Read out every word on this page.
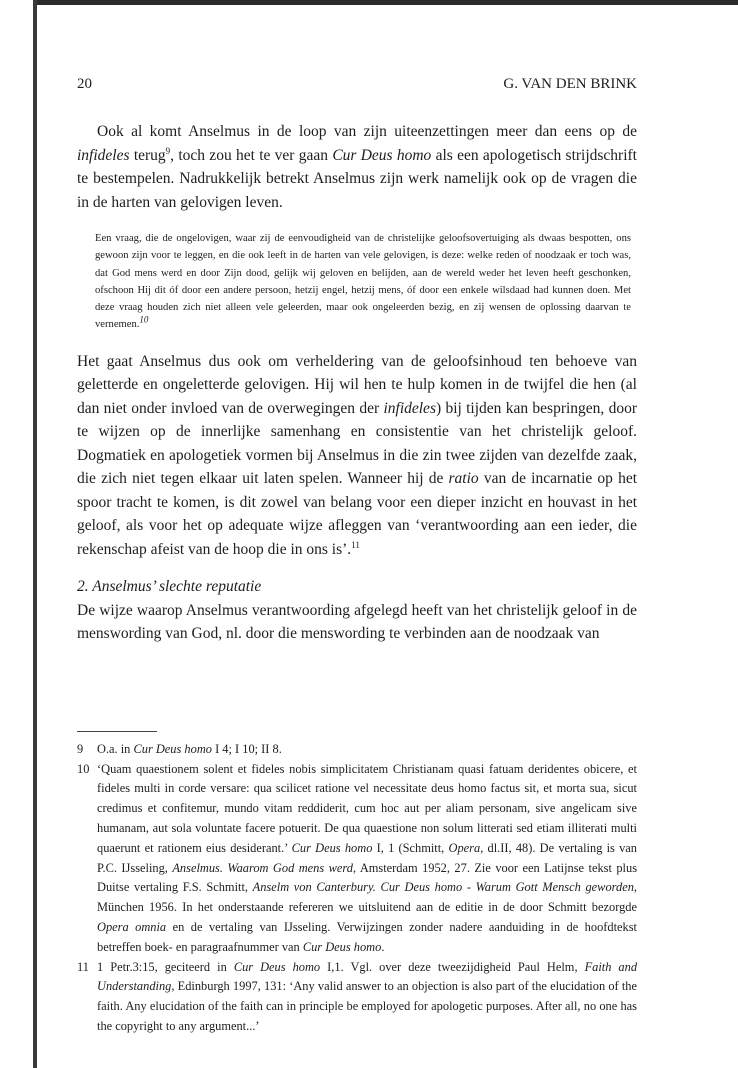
20	G. VAN DEN BRINK

Ook al komt Anselmus in de loop van zijn uiteenzettingen meer dan eens op de infideles terug$^9$, toch zou het te ver gaan Cur Deus homo als een apologetisch strijdschrift te bestempelen. Nadrukkelijk betrekt Anselmus zijn werk namelijk ook op de vragen die in de harten van gelovigen leven.

Een vraag, die de ongelovigen, waar zij de eenvoudigheid van de christelijke geloofsovertuiging als dwaas bespotten, ons gewoon zijn voor te leggen, en die ook leeft in de harten van vele gelovigen, is deze: welke reden of noodzaak er toch was, dat God mens werd en door Zijn dood, gelijk wij geloven en belijden, aan de wereld weder het leven heeft geschonken, ofschoon Hij dit óf door een andere persoon, hetzij engel, hetzij mens, óf door een enkele wilsdaad had kunnen doen. Met deze vraag houden zich niet alleen vele geleerden, maar ook ongeleerden bezig, en zij wensen de oplossing daarvan te vernemen.$^{10}$

Het gaat Anselmus dus ook om verheldering van de geloofsinhoud ten behoeve van geletterde en ongeletterde gelovigen. Hij wil hen te hulp komen in de twijfel die hen (al dan niet onder invloed van de overwegingen der infideles) bij tijden kan bespringen, door te wijzen op de innerlijke samenhang en consistentie van het christelijk geloof. Dogmatiek en apologetiek vormen bij Anselmus in die zin twee zijden van dezelfde zaak, die zich niet tegen elkaar uit laten spelen. Wanneer hij de ratio van de incarnatie op het spoor tracht te komen, is dit zowel van belang voor een dieper inzicht en houvast in het geloof, als voor het op adequate wijze afleggen van ‘verantwoording aan een ieder, die rekenschap afeist van de hoop die in ons is’.$^{11}$

2. Anselmus’ slechte reputatie

De wijze waarop Anselmus verantwoording afgelegd heeft van het christelijk geloof in de menswording van God, nl. door die menswording te verbinden aan de noodzaak van

9	O.a. in Cur Deus homo I 4; I 10; II 8.
10 ‘Quam quaestionem solent et fideles nobis simplicitatem Christianam quasi fatuam deridentes obicere, et fideles multi in corde versare: qua scilicet ratione vel necessitate deus homo factus sit, et morta sua, sicut credimus et confitemur, mundo vitam reddiderit, cum hoc aut per aliam personam, sive angelicam sive humanam, aut sola voluntate facere potuerit. De qua quaestione non solum litterati sed etiam illiterati multi quaerunt et rationem eius desiderant.’ Cur Deus homo I, 1 (Schmitt, Opera, dl.II, 48). De vertaling is van P.C. IJsseling, Anselmus. Waarom God mens werd, Amsterdam 1952, 27. Zie voor een Latijnse tekst plus Duitse vertaling F.S. Schmitt, Anselm von Canterbury. Cur Deus homo - Warum Gott Mensch geworden, München 1956. In het onderstaande refereren we uitsluitend aan de editie in de door Schmitt bezorgde Opera omnia en de vertaling van IJsseling. Verwijzingen zonder nadere aanduiding in de hoofdtekst betreffen boek- en paragraafnummer van Cur Deus homo.
11 1 Petr.3:15, geciteerd in Cur Deus homo I,1. Vgl. over deze tweezijdigheid Paul Helm, Faith and Understanding, Edinburgh 1997, 131: ‘Any valid answer to an objection is also part of the elucidation of the faith. Any elucidation of the faith can in principle be employed for apologetic purposes. After all, no one has the copyright to any argument...’
